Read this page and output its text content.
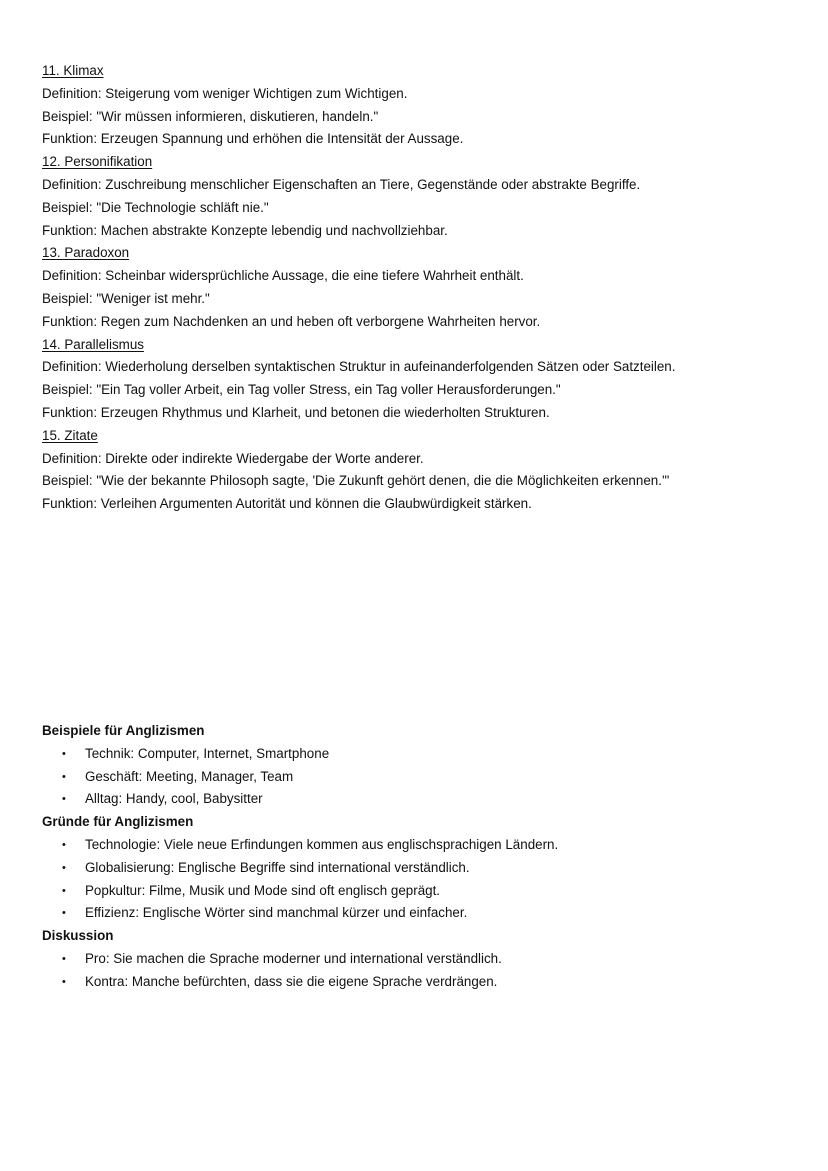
11. Klimax
Definition: Steigerung vom weniger Wichtigen zum Wichtigen.
Beispiel: "Wir müssen informieren, diskutieren, handeln."
Funktion: Erzeugen Spannung und erhöhen die Intensität der Aussage.
12. Personifikation
Definition: Zuschreibung menschlicher Eigenschaften an Tiere, Gegenstände oder abstrakte Begriffe.
Beispiel: "Die Technologie schläft nie."
Funktion: Machen abstrakte Konzepte lebendig und nachvollziehbar.
13. Paradoxon
Definition: Scheinbar widersprüchliche Aussage, die eine tiefere Wahrheit enthält.
Beispiel: "Weniger ist mehr."
Funktion: Regen zum Nachdenken an und heben oft verborgene Wahrheiten hervor.
14. Parallelismus
Definition: Wiederholung derselben syntaktischen Struktur in aufeinanderfolgenden Sätzen oder Satzteilen.
Beispiel: "Ein Tag voller Arbeit, ein Tag voller Stress, ein Tag voller Herausforderungen."
Funktion: Erzeugen Rhythmus und Klarheit, und betonen die wiederholten Strukturen.
15. Zitate
Definition: Direkte oder indirekte Wiedergabe der Worte anderer.
Beispiel: "Wie der bekannte Philosoph sagte, 'Die Zukunft gehört denen, die die Möglichkeiten erkennen.'"
Funktion: Verleihen Argumenten Autorität und können die Glaubwürdigkeit stärken.
Beispiele für Anglizismen
• Technik: Computer, Internet, Smartphone
• Geschäft: Meeting, Manager, Team
• Alltag: Handy, cool, Babysitter
Gründe für Anglizismen
• Technologie: Viele neue Erfindungen kommen aus englischsprachigen Ländern.
• Globalisierung: Englische Begriffe sind international verständlich.
• Popkultur: Filme, Musik und Mode sind oft englisch geprägt.
• Effizienz: Englische Wörter sind manchmal kürzer und einfacher.
Diskussion
• Pro: Sie machen die Sprache moderner und international verständlich.
• Kontra: Manche befürchten, dass sie die eigene Sprache verdrängen.
